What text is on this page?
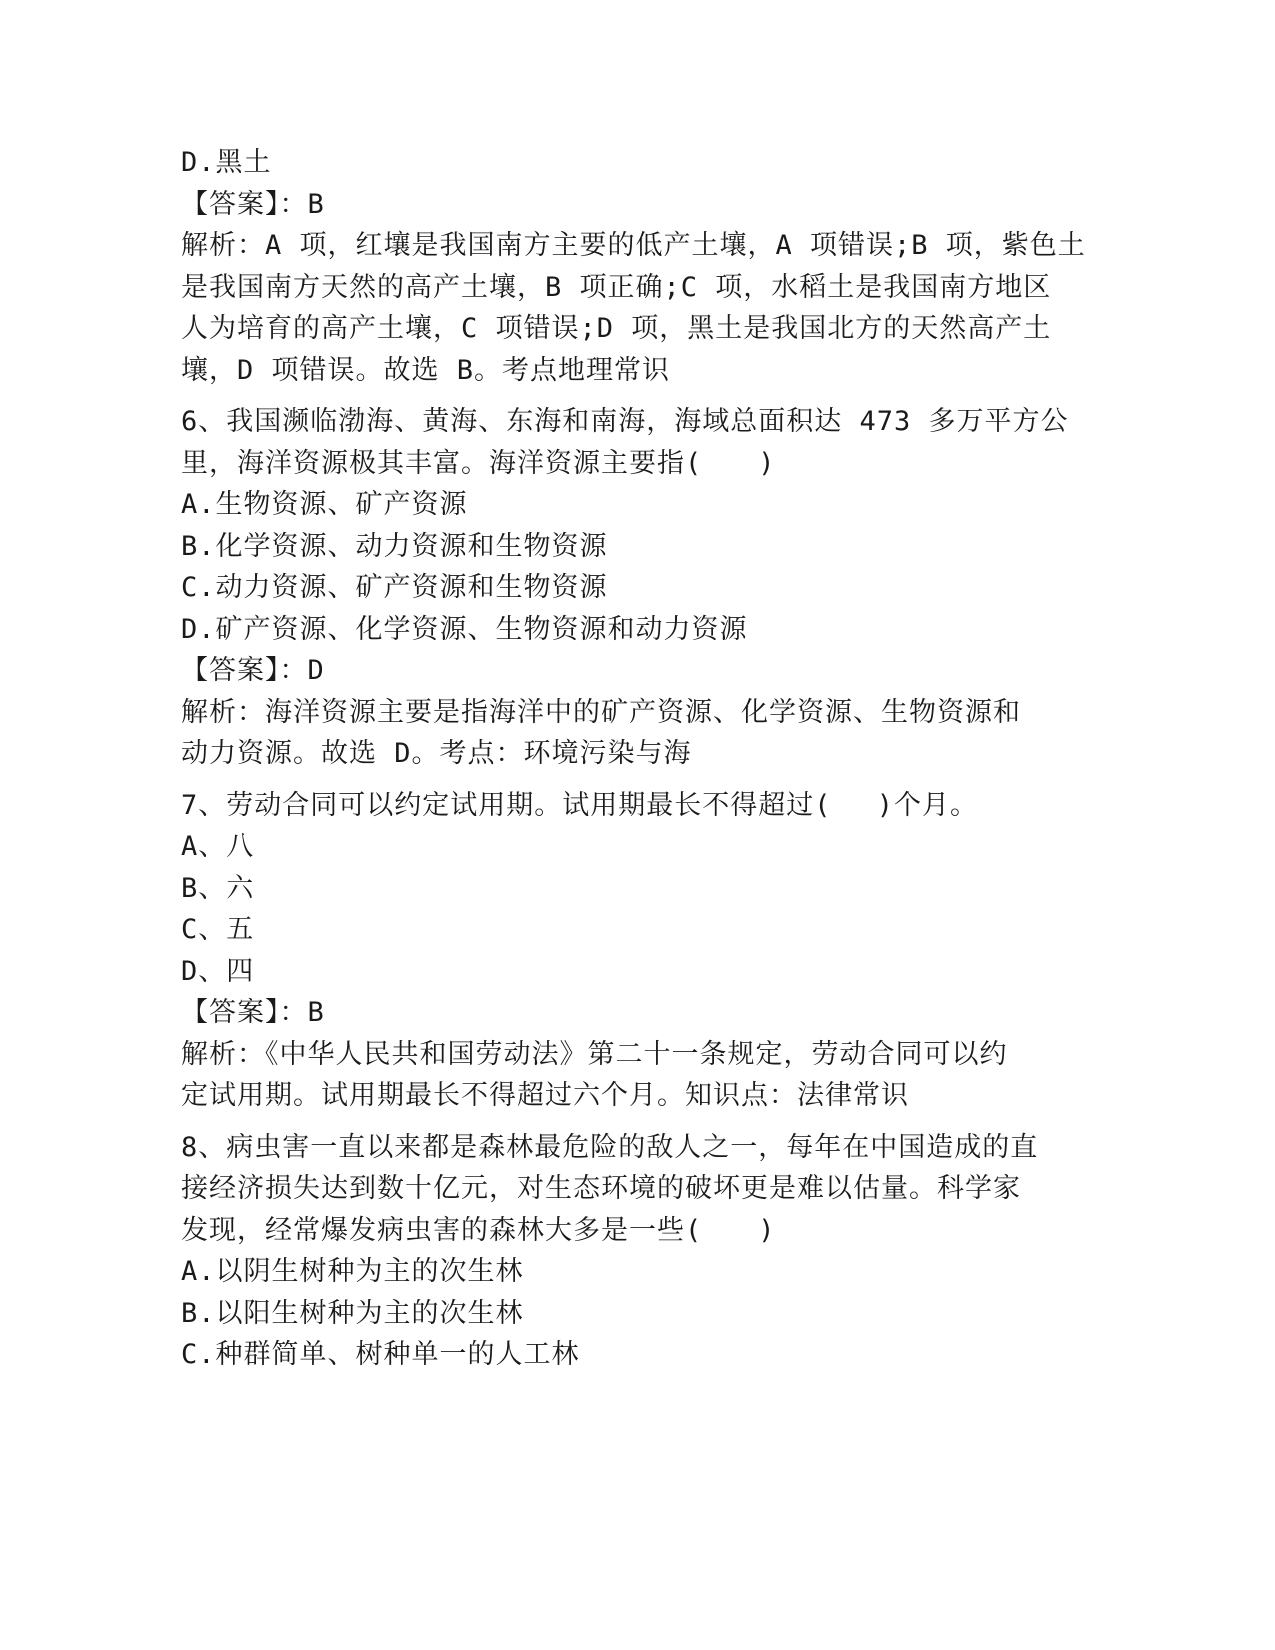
D.黑土

【答案】：B

解析：A 项，红壤是我国南方主要的低产土壤，A 项错误;B 项，紫色土

是我国南方天然的高产土壤，B 项正确;C 项，水稻土是我国南方地区

人为培育的高产土壤，C 项错误;D 项，黑土是我国北方的天然高产土

壤，D 项错误。故选 B。考点地理常识

6、我国濒临渤海、黄海、东海和南海，海域总面积达 473 多万平方公

里，海洋资源极其丰富。海洋资源主要指(　　)

A.生物资源、矿产资源

B.化学资源、动力资源和生物资源

C.动力资源、矿产资源和生物资源

D.矿产资源、化学资源、生物资源和动力资源

【答案】：D

解析：海洋资源主要是指海洋中的矿产资源、化学资源、生物资源和

动力资源。故选 D。考点：环境污染与海

7、劳动合同可以约定试用期。试用期最长不得超过(　 )个月。

A、八

B、六

C、五

D、四

【答案】：B

解析：《中华人民共和国劳动法》第二十一条规定，劳动合同可以约

定试用期。试用期最长不得超过六个月。知识点：法律常识

8、病虫害一直以来都是森林最危险的敌人之一，每年在中国造成的直

接经济损失达到数十亿元，对生态环境的破坏更是难以估量。科学家

发现，经常爆发病虫害的森林大多是一些(　　)

A.以阴生树种为主的次生林

B.以阳生树种为主的次生林

C.种群简单、树种单一的人工林
